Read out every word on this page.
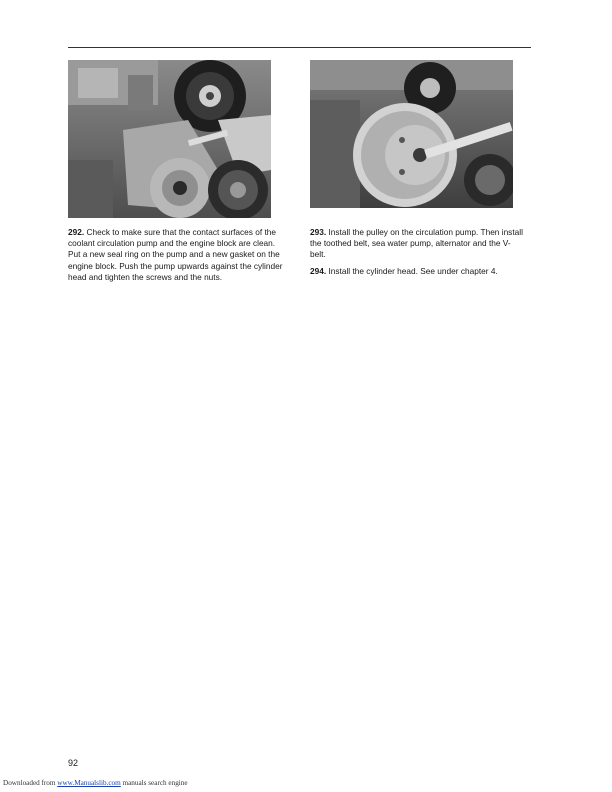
292. Check to make sure that the contact surfaces of the coolant circulation pump and the engine block are clean. Put a new seal ring on the pump and a new gasket on the engine block. Push the pump upwards against the cylinder head and tighten the screws and the nuts.

293. Install the pulley on the circulation pump. Then install the toothed belt, sea water pump, alternator and the V-belt.

294. Install the cylinder head. See under chapter 4.

92
Downloaded from www.Manualslib.com manuals search engine
